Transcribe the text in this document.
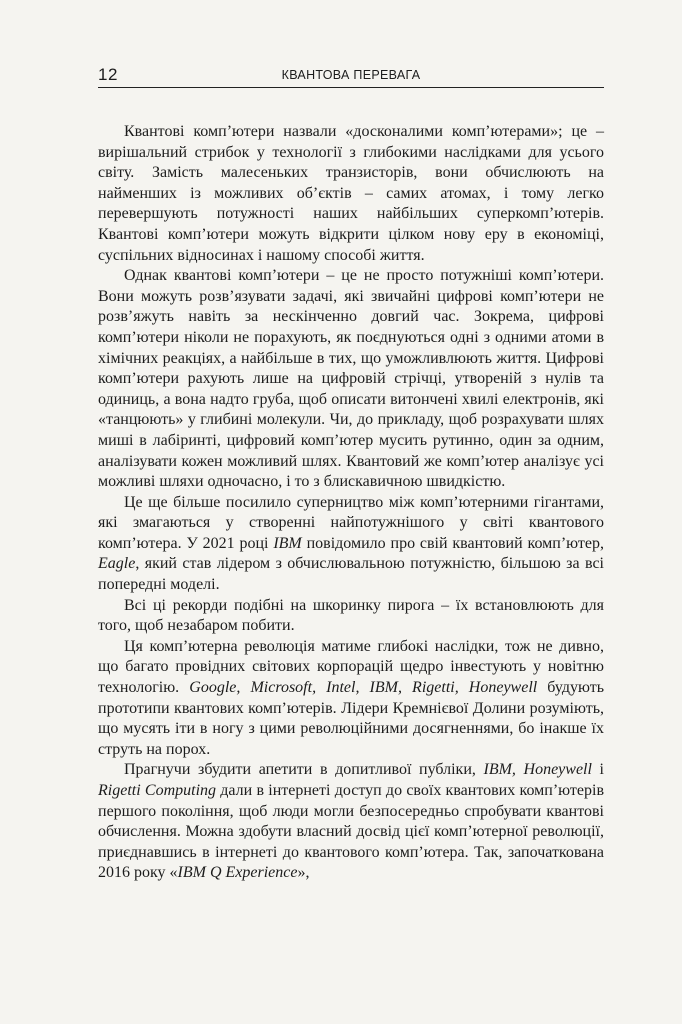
12	КВАНТОВА ПЕРЕВАГА

Квантові комп’ютери назвали «досконалими комп’ютерами»; це – вирішальний стрибок у технології з глибокими наслідками для усього світу. Замість малесеньких транзисторів, вони обчислюють на найменших із можливих об’єктів – самих атомах, і тому легко перевершують потужності наших найбільших суперкомп’ютерів. Квантові комп’ютери можуть відкрити цілком нову еру в економіці, суспільних відносинах і нашому способі життя.

Однак квантові комп’ютери – це не просто потужніші комп’ютери. Вони можуть розв’язувати задачі, які звичайні цифрові комп’ютери не розв’яжуть навіть за нескінченно довгий час. Зокрема, цифрові комп’ютери ніколи не порахують, як поєднуються одні з одними атоми в хімічних реакціях, а найбільше в тих, що уможливлюють життя. Цифрові комп’ютери рахують лише на цифровій стрічці, утвореній з нулів та одиниць, а вона надто груба, щоб описати витончені хвилі електронів, які «танцюють» у глибині молекули. Чи, до прикладу, щоб розрахувати шлях миші в лабіринті, цифровий комп’ютер мусить рутинно, один за одним, аналізувати кожен можливий шлях. Квантовий же комп’ютер аналізує усі можливі шляхи одночасно, і то з блискавичною швидкістю.

Це ще більше посилило суперництво між комп’ютерними гігантами, які змагаються у створенні найпотужнішого у світі квантового комп’ютера. У 2021 році IBM повідомило про свій квантовий комп’ютер, Eagle, який став лідером з обчислювальною потужністю, більшою за всі попередні моделі.

Всі ці рекорди подібні на шкоринку пирога – їх встановлюють для того, щоб незабаром побити.

Ця комп’ютерна революція матиме глибокі наслідки, тож не дивно, що багато провідних світових корпорацій щедро інвестують у новітню технологію. Google, Microsoft, Intel, IBM, Rigetti, Honeywell будують прототипи квантових комп’ютерів. Лідери Кремнієвої Долини розуміють, що мусять іти в ногу з цими революційними досягненнями, бо інакше їх струть на порох.

Прагнучи збудити апетити в допитливої публіки, IBM, Honeywell і Rigetti Computing дали в інтернеті доступ до своїх квантових комп’ютерів першого покоління, щоб люди могли безпосередньо спробувати квантові обчислення. Можна здобути власний досвід цієї комп’ютерної революції, приєднавшись в інтернеті до квантового комп’ютера. Так, започаткована 2016 року «IBM Q Experience»,
